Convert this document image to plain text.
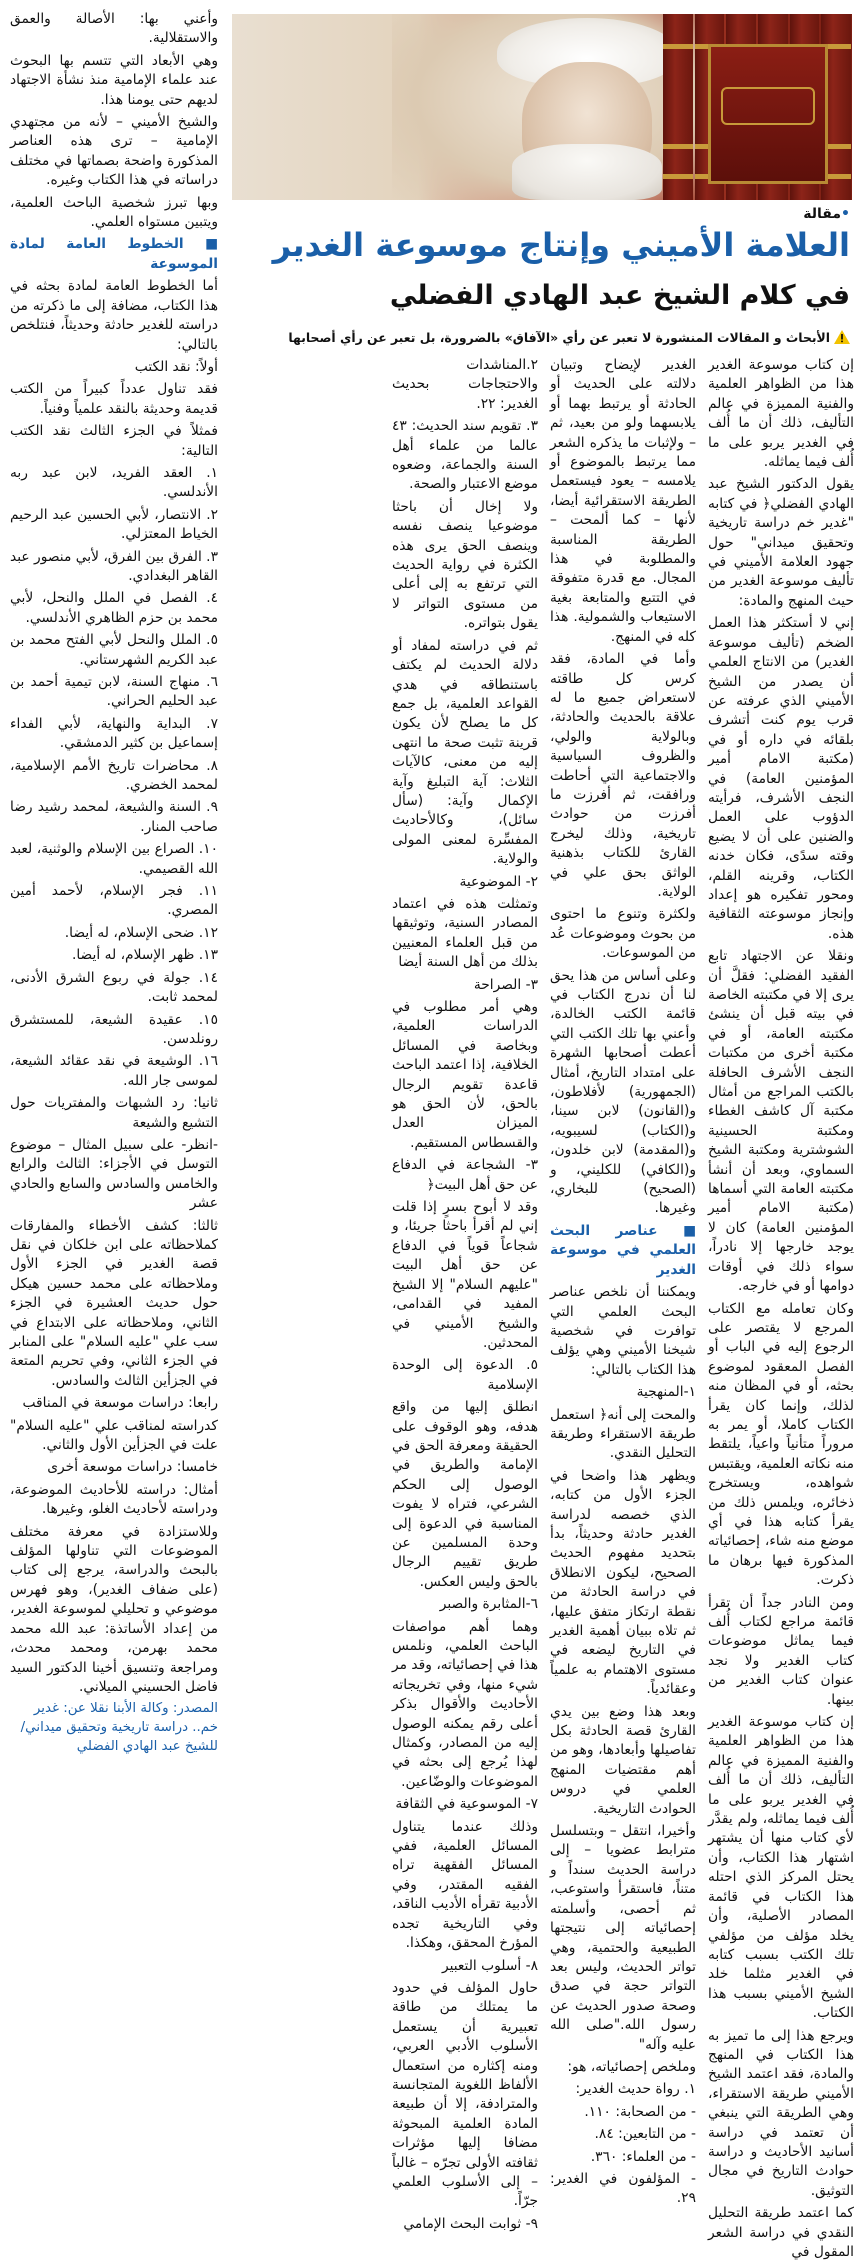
•مقالة
العلامة الأميني وإنتاج موسوعة الغدير
في كلام الشيخ عبد الهادي الفضلي
الأبحاث و المقالات المنشورة لا تعبر عن رأي «الآفاق» بالضرورة، بل تعبر عن رأي أصحابها

وأعني بها: الأصالة والعمق والاستقلالية.

وهي الأبعاد التي تتسم بها البحوث عند علماء الإمامية منذ نشأة الاجتهاد لديهم حتى يومنا هذا.

والشيخ الأميني – لأنه من مجتهدي الإمامية – ترى هذه العناصر المذكورة واضحة بصماتها في مختلف دراساته في هذا الكتاب وغيره.

وبها تبرز شخصية الباحث العلمية، ويتبين مستواه العلمي.

■ الخطوط العامة لمادة الموسوعة

أما الخطوط العامة لمادة بحثه في هذا الكتاب، مضافة إلى ما ذكرته من دراسته للغدير حادثة وحديثاً، فنتلخص بالتالي:

أولاً: نقد الكتب

فقد تناول عدداً كبيراً من الكتب قديمة وحديثة بالنقد علمياً وفنياً.

فمثلاً في الجزء الثالث نقد الكتب التالية:

١. العقد الفريد، لابن عبد ربه الأندلسي.

٢. الانتصار، لأبي الحسين عبد الرحيم الخياط المعتزلي.

٣. الفرق بين الفرق، لأبي منصور عبد القاهر البغدادي.

٤. الفصل في الملل والنحل، لأبي محمد بن حزم الظاهري الأندلسي.

٥. الملل والنحل لأبي الفتح محمد بن عبد الكريم الشهرستاني.

٦. منهاج السنة، لابن تيمية أحمد بن عبد الحليم الحراني.

٧. البداية والنهاية، لأبي الفداء إسماعيل بن كثير الدمشقي.

٨. محاضرات تاريخ الأمم الإسلامية، لمحمد الخضري.

٩. السنة والشيعة، لمحمد رشيد رضا صاحب المنار.

١٠. الصراع بين الإسلام والوثنية، لعبد الله القصيمي.

١١. فجر الإسلام، لأحمد أمين المصري.

١٢. ضحى الإسلام، له أيضا.

١٣. ظهر الإسلام، له أيضا.

١٤. جولة في ربوع الشرق الأدنى، لمحمد ثابت.

١٥. عقيدة الشيعة، للمستشرق رونلدسن.

١٦. الوشيعة في نقد عقائد الشيعة، لموسى جار الله.

ثانيا: رد الشبهات والمفتريات حول التشيع والشيعة

-انظر- على سبيل المثال – موضوع التوسل في الأجزاء: الثالث والرابع والخامس والسادس والسابع والحادي عشر

ثالثا: كشف الأخطاء والمفارقات كملاحظاته على ابن خلكان في نقل قصة الغدير في الجزء الأول وملاحظاته على محمد حسين هيكل حول حديث العشيرة في الجزء الثاني، وملاحظاته على الابتداع في سب علي "عليه السلام" على المنابر في الجزء الثاني، وفي تحريم المتعة في الجزأين الثالث والسادس.

رابعا: دراسات موسعة في المناقب

كدراسته لمناقب علي "عليه السلام" علت في الجزأين الأول والثاني.

خامسا: دراسات موسعة أخرى

أمثال: دراسته للأحاديث الموضوعة، ودراسته لأحاديث الغلو، وغيرها.

وللاستزادة في معرفة مختلف الموضوعات التي تناولها المؤلف بالبحث والدراسة، يرجع إلى كتاب (على ضفاف الغدير)، وهو فهرس موضوعي و تحليلي لموسوعة الغدير، من إعداد الأساتذة: عبد الله محمد محمد بهرمن، ومحمد محدث، ومراجعة وتنسيق أخينا الدكتور السيد فاضل الحسيني الميلاني.

المصدر: وكالة الأبنا نقلا عن: غدير خم.. دراسة تاريخية وتحقيق ميداني/ للشيخ عبد الهادي الفضلي

إن كتاب موسوعة الغدير هذا من الظواهر العلمية والفنية المميزة في عالم التأليف، ذلك أن ما أُلف في الغدير يربو على ما أُلف فيما يماثله.

يقول الدكتور الشيخ عبد الهادي الفضلي﴿ في كتابه "غدير خم دراسة تاريخية وتحقيق ميداني" حول جهود العلامة الأميني في تأليف موسوعة الغدير من حيث المنهج والمادة:

إني لا أستكثر هذا العمل الضخم (تأليف موسوعة الغدير) من الانتاج العلمي أن يصدر من الشيخ الأميني الذي عرفته عن قرب يوم كنت أتشرف بلقائه في داره أو في (مكتبة الامام أمير المؤمنين العامة) في النجف الأشرف، فرأيته الدؤوب على العمل والضنين على أن لا يضيع وقته سدًى، فكان خدنه الكتاب، وقرينه القلم، ومحور تفكيره هو إعداد وإنجاز موسوعته الثقافية هذه.

ونقلا عن الاجتهاد تابع الفقيد الفضلي: فقلَّ أن يرى إلا في مكتبته الخاصة في بيته قبل أن ينشئ مكتبته العامة، أو في مكتبة أخرى من مكتبات النجف الأشرف الحافلة بالكتب المراجع من أمثال مكتبة آل كاشف الغطاء ومكتبة الحسينية الشوشترية ومكتبة الشيخ السماوي، وبعد أن أنشأ مكتبته العامة التي أسماها (مكتبة الامام أمير المؤمنين العامة) كان لا يوجد خارجها إلا نادراً، سواء ذلك في أوقات دوامها أو في خارجه.

وكان تعامله مع الكتاب المرجع لا يقتصر على الرجوع إليه في الباب أو الفصل المعقود لموضوع بحثه، أو في المظان منه لذلك، وإنما كان يقرأ الكتاب كاملا، أو يمر به مروراً متأنياً واعياً، يلتقط منه نكاته العلمية، ويقتبس شواهده، ويستخرج ذخائره، ويلمس ذلك من يقرأ كتابه هذا في أي موضع منه شاء، إحصائياته المذكورة فيها برهان ما ذكرت.

ومن النادر جداً أن تقرأ قائمة مراجع لكتاب أُلف فيما يماثل موضوعات كتاب الغدير ولا نجد عنوان كتاب الغدير من بينها.

إن كتاب موسوعة الغدير هذا من الظواهر العلمية والفنية المميزة في عالم التأليف، ذلك أن ما أُلف في الغدير يربو على ما أُلف فيما يماثله، ولم يقدَّر لأي كتاب منها أن يشتهر اشتهار هذا الكتاب، وأن يحتل المركز الذي احتله هذا الكتاب في قائمة المصادر الأصلية، وأن يخلد مؤلف من مؤلفي تلك الكتب بسبب كتابه في الغدير مثلما خلد الشيخ الأميني بسبب هذا الكتاب.

ويرجع هذا إلى ما تميز به هذا الكتاب في المنهج والمادة، فقد اعتمد الشيخ الأميني طريقة الاستقراء، وهي الطريقة التي ينبغي أن تعتمد في دراسة أسانيد الأحاديث و دراسة حوادث التاريخ في مجال التوثيق.

كما اعتمد طريقة التحليل النقدي في دراسة الشعر المقول في

الغدير لإيضاح وتبيان دلالته على الحديث أو الحادثة أو يرتبط بهما أو يلابسهما ولو من بعيد، ثم – ولإثبات ما يذكره الشعر مما يرتبط بالموضوع أو يلامسه – يعود فيستعمل الطريقة الاستقرائية أيضا، لأنها – كما ألمحت – الطريقة المناسبة والمطلوبة في هذا المجال. مع قدرة متفوقة في التتبع والمتابعة بغية الاستيعاب والشمولية. هذا كله في المنهج.

وأما في المادة، فقد كرس كل طاقته لاستعراض جميع ما له علاقة بالحديث والحادثة، وبالولاية والولي، والظروف السياسية والاجتماعية التي أحاطت ورافقت، ثم أفرزت ما أفرزت من حوادث تاريخية، وذلك ليخرج القارئ للكتاب بذهنية الواثق بحق علي في الولاية.

ولكثرة وتنوع ما احتوى من بحوث وموضوعات عُد من الموسوعات.

وعلى أساس من هذا يحق لنا أن ندرج الكتاب في قائمة الكتب الخالدة، وأعني بها تلك الكتب التي أعطت أصحابها الشهرة على امتداد التاريخ، أمثال (الجمهورية) لأفلاطون، و(القانون) لابن سينا، و(الكتاب) لسيبويه، و(المقدمة) لابن خلدون، و(الكافي) للكليني، و (الصحيح) للبخاري، وغيرها.

■ عناصر البحث العلمي في موسوعة الغدير

ويمكننا أن نلخص عناصر البحث العلمي التي توافرت في شخصية شيخنا الأميني وهي يؤلف هذا الكتاب بالتالي:

١-المنهجية

والمحت إلى أنه﴿ استعمل طريقة الاستقراء وطريقة التحليل النقدي.

ويظهر هذا واضحا في الجزء الأول من كتابه، الذي خصصه لدراسة الغدير حادثة وحديثاً، بدأ بتحديد مفهوم الحديث الصحيح، ليكون الانطلاق في دراسة الحادثة من نقطة ارتكاز متفق عليها، ثم تلاه ببيان أهمية الغدير في التاريخ ليضعه في مستوى الاهتمام به علمياً وعقائدياً.

وبعد هذا وضع بين يدي القارئ قصة الحادثة بكل تفاصيلها وأبعادها، وهو من أهم مقتضيات المنهج العلمي في دروس الحوادث التاريخية.

وأخيرا، انتقل – وبتسلسل مترابط عضويا – إلى دراسة الحديث سنداً و متناً، فاستقرأ واستوعب، ثم أحصى، وأسلمته إحصائياته إلى نتيجتها الطبيعية والحتمية، وهي تواتر الحديث، وليس بعد التواتر حجة في صدق وصحة صدور الحديث عن رسول الله."صلى الله عليه وآله"

وملخص إحصائياته، هو:

١. رواة حديث الغدير:

- من الصحابة: ١١٠.

- من التابعين: ٨٤.

- من العلماء: ٣٦٠.

- المؤلفون في الغدير: ٢٩.

٢.المناشدات والاحتجاجات بحديث الغدير: ٢٢.

٣. تقويم سند الحديث: ٤٣ عالما من علماء أهل السنة والجماعة، وضعوه موضع الاعتبار والصحة.

ولا إخال أن باحثا موضوعيا ينصف نفسه وينصف الحق يرى هذه الكثرة في رواية الحديث التي ترتفع به إلى أعلى من مستوى التواتر لا يقول بتواتره.

ثم في دراسته لمفاد أو دلالة الحديث لم يكتف باستنطاقه في هدي القواعد العلمية، بل جمع كل ما يصلح لأن يكون قرينة تثبت صحة ما انتهى إليه من معنى، كالآيات الثلاث: آية التبليغ وآية الإكمال وآية: (سأل سائل)، وكالأحاديث المفسِّرة لمعنى المولى والولاية.

٢- الموضوعية

وتمثلت هذه في اعتماد المصادر السنية، وتوثيقها من قبل العلماء المعنيين بذلك من أهل السنة أيضا

٣- الصراحة

وهي أمر مطلوب في الدراسات العلمية، وبخاصة في المسائل الخلافية، إذا اعتمد الباحث قاعدة تقويم الرجال بالحق، لأن الحق هو الميزان العدل والقسطاس المستقيم.

٣- الشجاعة في الدفاع عن حق أهل البيت﴿

وقد لا أبوح بسرٍ إذا قلت إني لم أقرأ باحثا جريئا، و شجاعاً قوياً في الدفاع عن حق أهل البيت "عليهم السلام" إلا الشيخ المفيد في القدامى، والشيخ الأميني في المحدثين.

٥. الدعوة إلى الوحدة الإسلامية

انطلق إليها من واقع هدفه، وهو الوقوف على الحقيقة ومعرفة الحق في الإمامة والطريق في الوصول إلى الحكم الشرعي، فتراه لا يفوت المناسبة في الدعوة إلى وحدة المسلمين عن طريق تقييم الرجال بالحق وليس العكس.

٦-المثابرة والصبر

وهما أهم مواصفات الباحث العلمي، ونلمس هذا في إحصائياته، وقد مر شيء منها، وفي تخريجاته الأحاديث والأقوال بذكر أعلى رقم يمكنه الوصول إليه من المصادر، وكمثال لهذا يُرجع إلى بحثه في الموضوعات والوضّاعين.

٧- الموسوعية في الثقافة

وذلك عندما يتناول المسائل العلمية، ففي المسائل الفقهية تراه الفقيه المقتدر، وفي الأدبية تقرأه الأديب الناقد، وفي التاريخية تجده المؤرخ المحقق، وهكذا.

٨- أسلوب التعبير

حاول المؤلف في حدود ما يمتلك من طاقة تعبيرية أن يستعمل الأسلوب الأدبي العربي، ومنه إكثاره من استعمال الألفاظ اللغوية المتجانسة والمترادفة، إلا أن طبيعة المادة العلمية المبحوثة مضافا إليها مؤثرات ثقافته الأولى تجرّه – غالباً – إلى الأسلوب العلمي جرّاً.

٩- ثوابت البحث الإمامي
